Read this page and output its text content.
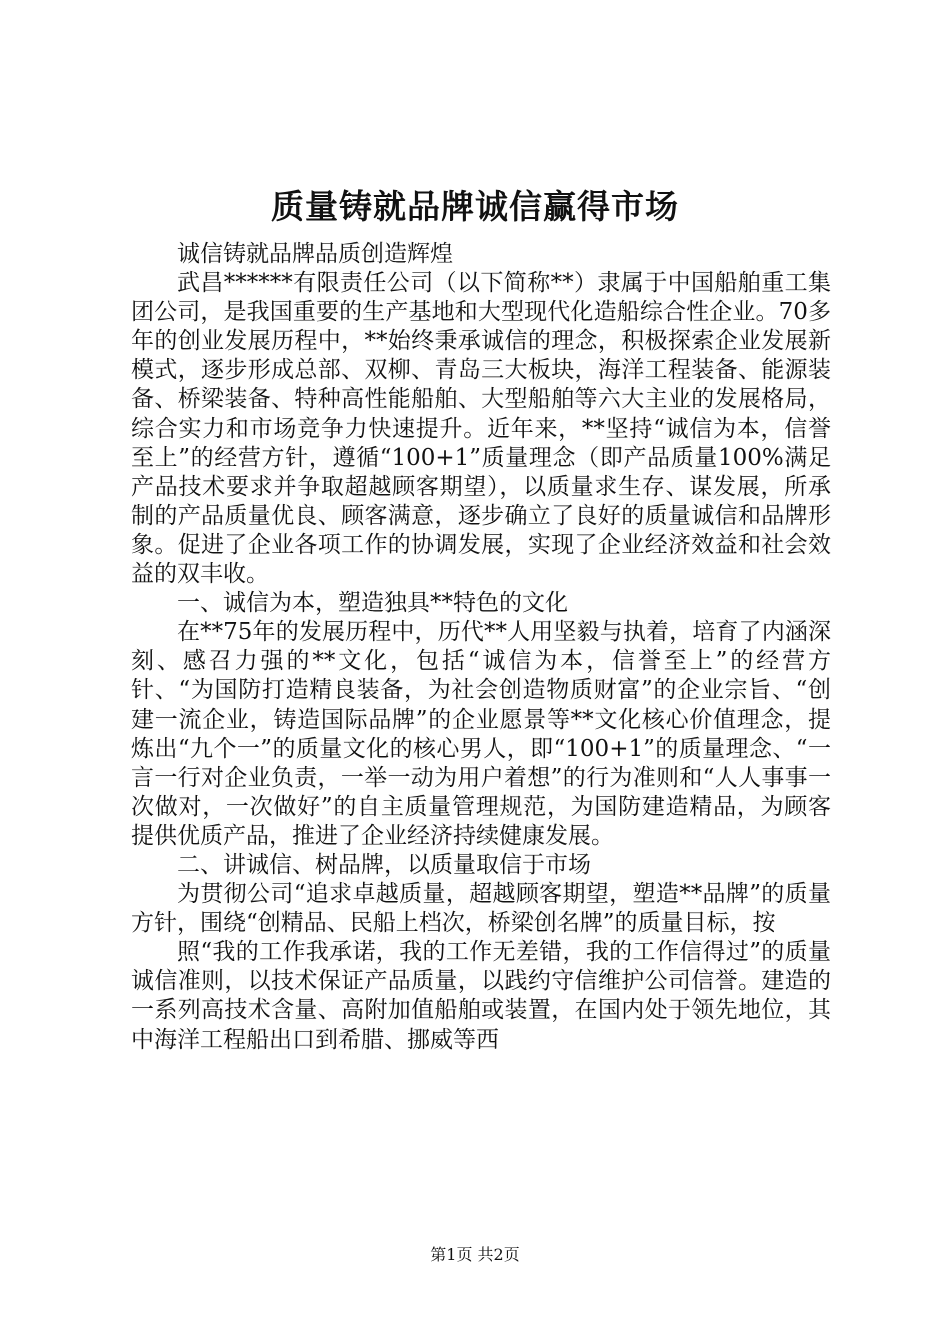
质量铸就品牌诚信赢得市场

诚信铸就品牌品质创造辉煌

武昌******有限责任公司（以下简称**）隶属于中国船舶重工集团公司，是我国重要的生产基地和大型现代化造船综合性企业。70多年的创业发展历程中，**始终秉承诚信的理念，积极探索企业发展新模式，逐步形成总部、双柳、青岛三大板块，海洋工程装备、能源装备、桥梁装备、特种高性能船舶、大型船舶等六大主业的发展格局，综合实力和市场竞争力快速提升。近年来，**坚持“诚信为本，信誉至上”的经营方针，遵循“100+1”质量理念（即产品质量100%满足产品技术要求并争取超越顾客期望），以质量求生存、谋发展，所承制的产品质量优良、顾客满意，逐步确立了良好的质量诚信和品牌形象。促进了企业各项工作的协调发展，实现了企业经济效益和社会效益的双丰收。

一、诚信为本，塑造独具**特色的文化

在**75年的发展历程中，历代**人用坚毅与执着，培育了内涵深刻、感召力强的**文化，包括“诚信为本，信誉至上”的经营方针、“为国防打造精良装备，为社会创造物质财富”的企业宗旨、“创建一流企业，铸造国际品牌”的企业愿景等**文化核心价值理念，提炼出“九个一”的质量文化的核心男人，即“100+1”的质量理念、“一言一行对企业负责，一举一动为用户着想”的行为准则和“人人事事一次做对，一次做好”的自主质量管理规范，为国防建造精品，为顾客提供优质产品，推进了企业经济持续健康发展。

二、讲诚信、树品牌，以质量取信于市场

为贯彻公司“追求卓越质量，超越顾客期望，塑造**品牌”的质量方针，围绕“创精品、民船上档次，桥梁创名牌”的质量目标，按

照“我的工作我承诺，我的工作无差错，我的工作信得过”的质量诚信准则，以技术保证产品质量，以践约守信维护公司信誉。建造的一系列高技术含量、高附加值船舶或装置，在国内处于领先地位，其中海洋工程船出口到希腊、挪威等西

第1页 共2页
